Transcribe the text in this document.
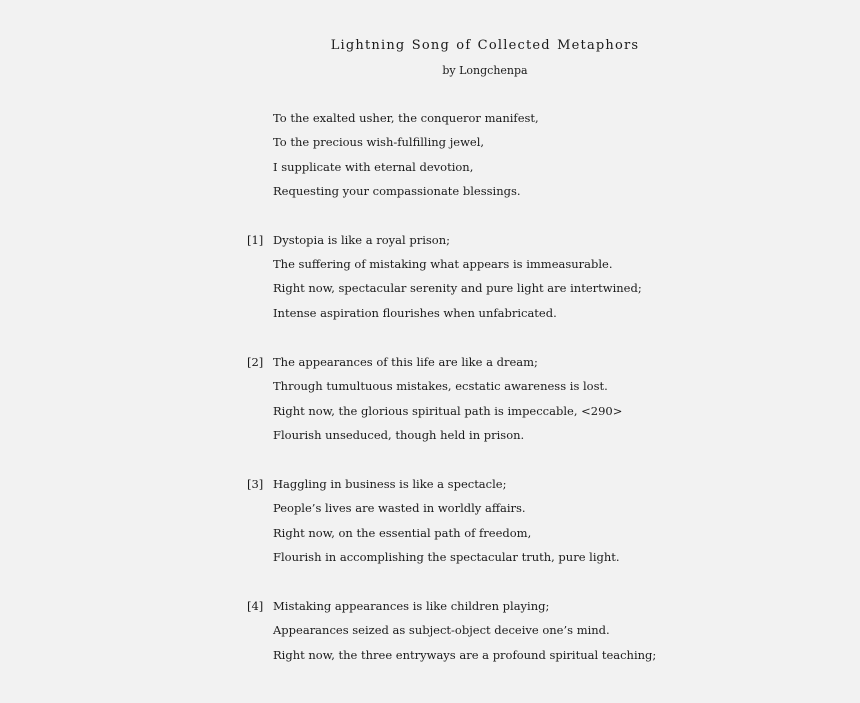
Lightning Song of Collected Metaphors
by Longchenpa
To the exalted usher, the conqueror manifest,
To the precious wish-fulfilling jewel,
I supplicate with eternal devotion,
Requesting your compassionate blessings.
[1] Dystopia is like a royal prison;
The suffering of mistaking what appears is immeasurable.
Right now, spectacular serenity and pure light are intertwined;
Intense aspiration flourishes when unfabricated.
[2] The appearances of this life are like a dream;
Through tumultuous mistakes, ecstatic awareness is lost.
Right now, the glorious spiritual path is impeccable, <290>
Flourish unseduced, though held in prison.
[3] Haggling in business is like a spectacle;
People’s lives are wasted in worldly affairs.
Right now, on the essential path of freedom,
Flourish in accomplishing the spectacular truth, pure light.
[4] Mistaking appearances is like children playing;
Appearances seized as subject-object deceive one’s mind.
Right now, the three entryways are a profound spiritual teaching;
